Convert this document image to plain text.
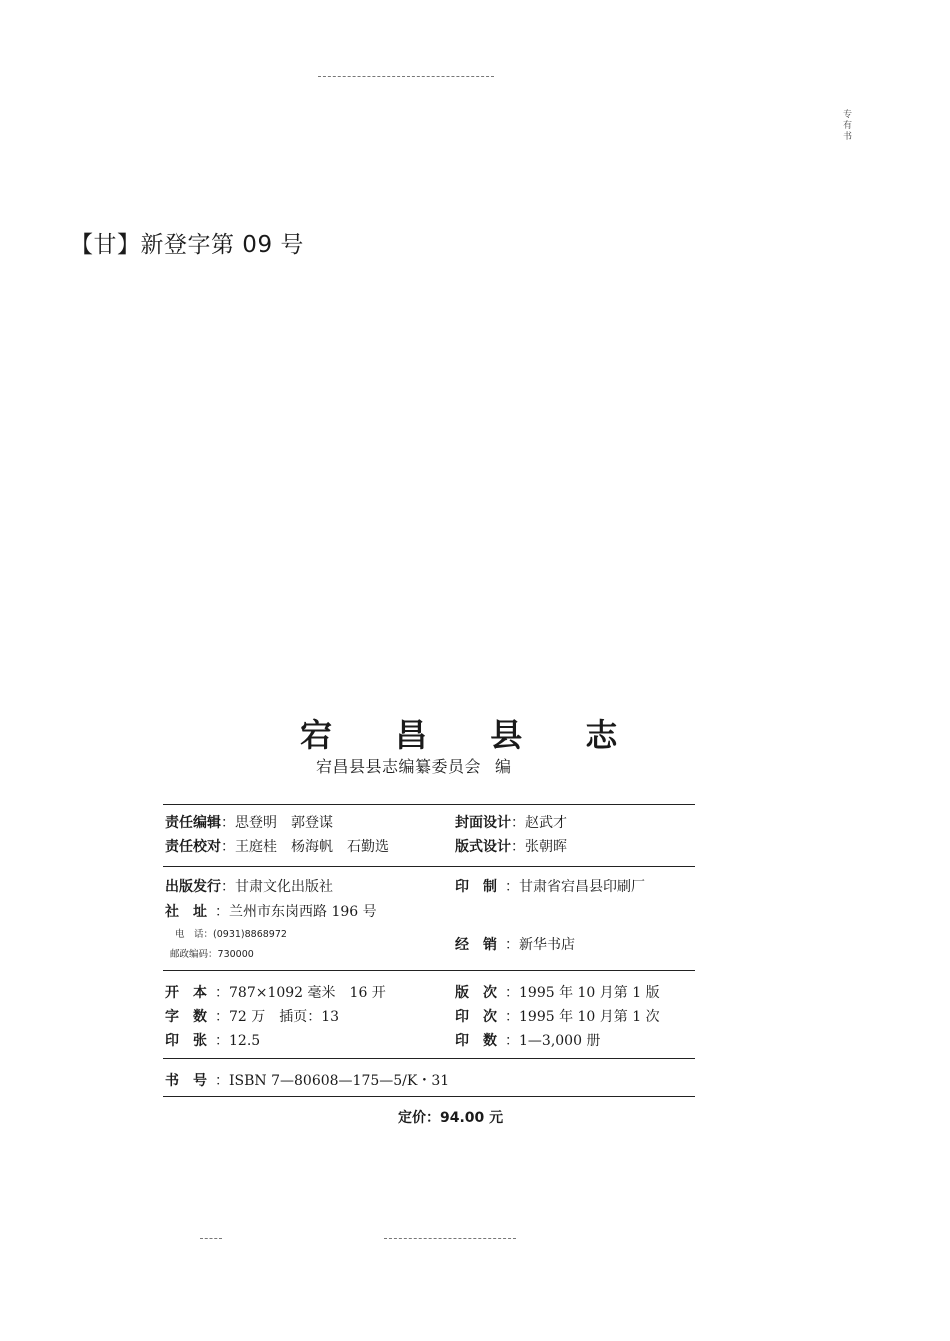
专有书
【甘】新登字第 09 号
宕 昌 县 志
宕昌县县志编纂委员会 编
责任编辑：思登明　郭登谋	封面设计：赵武才
责任校对：王庭桂　杨海帆　石勤选	版式设计：张朝晖
出版发行：甘肃文化出版社	印　制 ：甘肃省宕昌县印刷厂
社　址 ：兰州市东岗西路 196 号
电　话：(0931)8868972
邮政编码：730000
经　销 ：新华书店
开　本 ：787×1092 毫米　16 开	版　次 ：1995 年 10 月第 1 版
字　数 ：72 万　插页：13	印　次 ：1995 年 10 月第 1 次
印　张 ：12.5	印　数 ：1—3,000 册
书　号 ：ISBN 7—80608—175—5/K・31
定价：94.00 元
